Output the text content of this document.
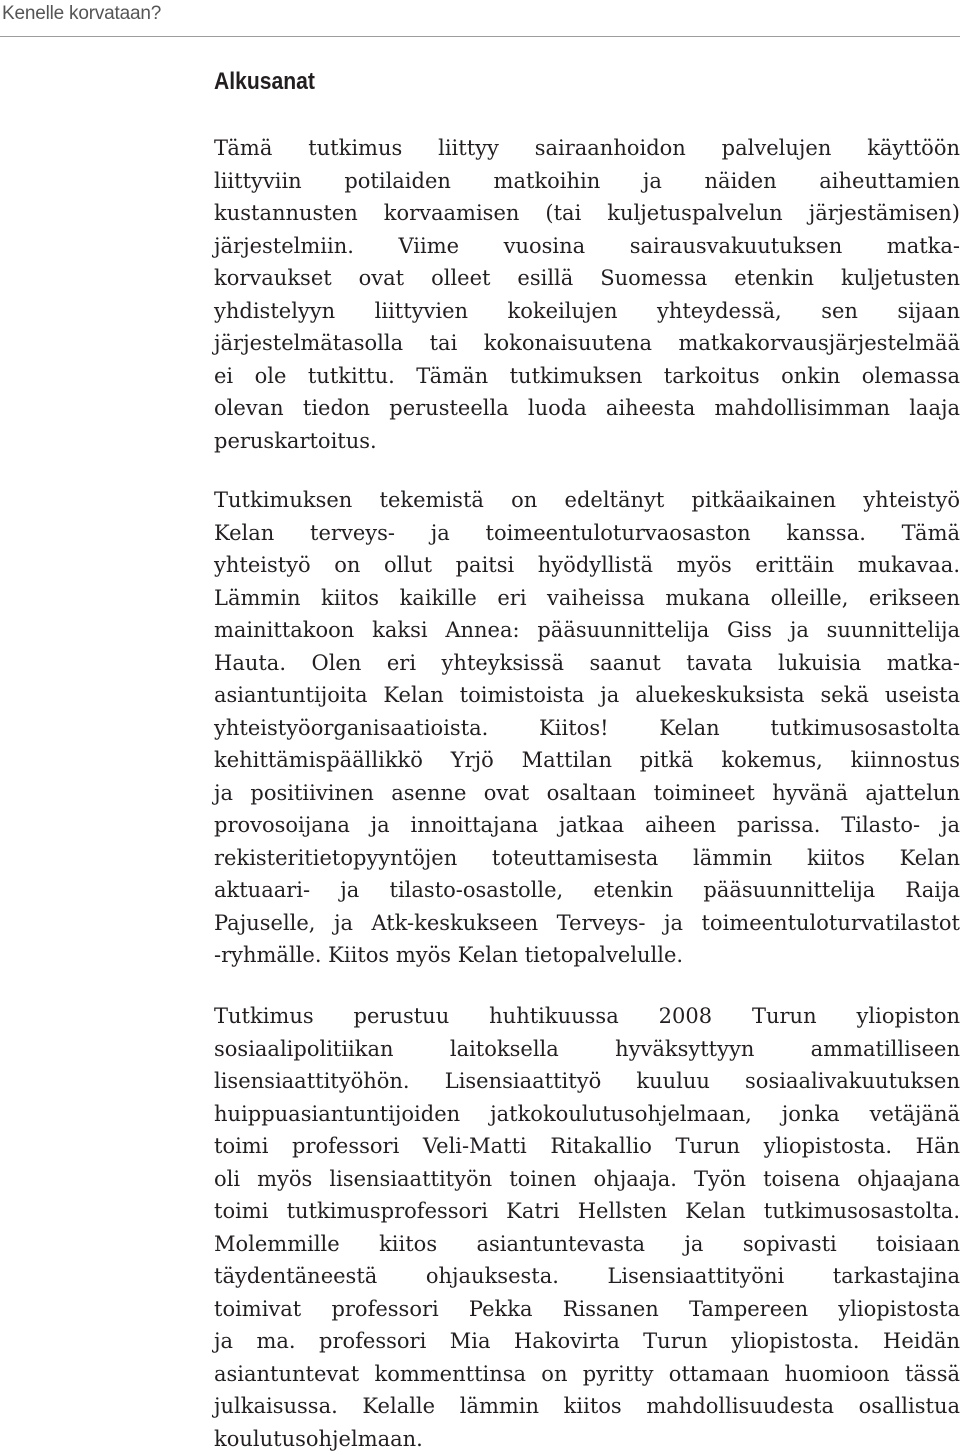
Kenelle korvataan?
Alkusanat

Tämä tutkimus liittyy sairaanhoidon palvelujen käyttöön
liittyviin potilaiden matkoihin ja näiden aiheuttamien
kustannusten korvaamisen (tai kuljetuspalvelun järjestämisen)
järjestelmiin. Viime vuosina sairausvakuutuksen matka-
korvaukset ovat olleet esillä Suomessa etenkin kuljetusten
yhdistelyyn liittyvien kokeilujen yhteydessä, sen sijaan
järjestelmätasolla tai kokonaisuutena matkakorvausjärjestelmää
ei ole tutkittu. Tämän tutkimuksen tarkoitus onkin olemassa
olevan tiedon perusteella luoda aiheesta mahdollisimman laaja
peruskartoitus.

Tutkimuksen tekemistä on edeltänyt pitkäaikainen yhteistyö
Kelan terveys- ja toimeentuloturvaosaston kanssa. Tämä
yhteistyö on ollut paitsi hyödyllistä myös erittäin mukavaa.
Lämmin kiitos kaikille eri vaiheissa mukana olleille, erikseen
mainittakoon kaksi Annea: pääsuunnittelija Giss ja suunnittelija
Hauta. Olen eri yhteyksissä saanut tavata lukuisia matka-
asiantuntijoita Kelan toimistoista ja aluekeskuksista sekä useista
yhteistyöorganisaatioista. Kiitos! Kelan tutkimusosastolta
kehittämispäällikkö Yrjö Mattilan pitkä kokemus, kiinnostus
ja positiivinen asenne ovat osaltaan toimineet hyvänä ajattelun
provosoijana ja innoittajana jatkaa aiheen parissa. Tilasto- ja
rekisteritietopyyntöjen toteuttamisesta lämmin kiitos Kelan
aktuaari- ja tilasto-osastolle, etenkin pääsuunnittelija Raija
Pajuselle, ja Atk-keskukseen Terveys- ja toimeentuloturvatilastot
-ryhmälle. Kiitos myös Kelan tietopalvelulle.

Tutkimus perustuu huhtikuussa 2008 Turun yliopiston
sosiaalipolitiikan laitoksella hyväksyttyyn ammatilliseen
lisensiaattityöhön. Lisensiaattityö kuuluu sosiaalivakuutuksen
huippuasiantuntijoiden jatkokoulutusohjelmaan, jonka vetäjänä
toimi professori Veli-Matti Ritakallio Turun yliopistosta. Hän
oli myös lisensiaattityön toinen ohjaaja. Työn toisena ohjaajana
toimi tutkimusprofessori Katri Hellsten Kelan tutkimusosastolta.
Molemmille kiitos asiantuntevasta ja sopivasti toisiaan
täydentäneestä ohjauksesta. Lisensiaattityöni tarkastajina
toimivat professori Pekka Rissanen Tampereen yliopistosta
ja ma. professori Mia Hakovirta Turun yliopistosta. Heidän
asiantuntevat kommenttinsa on pyritty ottamaan huomioon tässä
julkaisussa. Kelalle lämmin kiitos mahdollisuudesta osallistua
koulutusohjelmaan.
